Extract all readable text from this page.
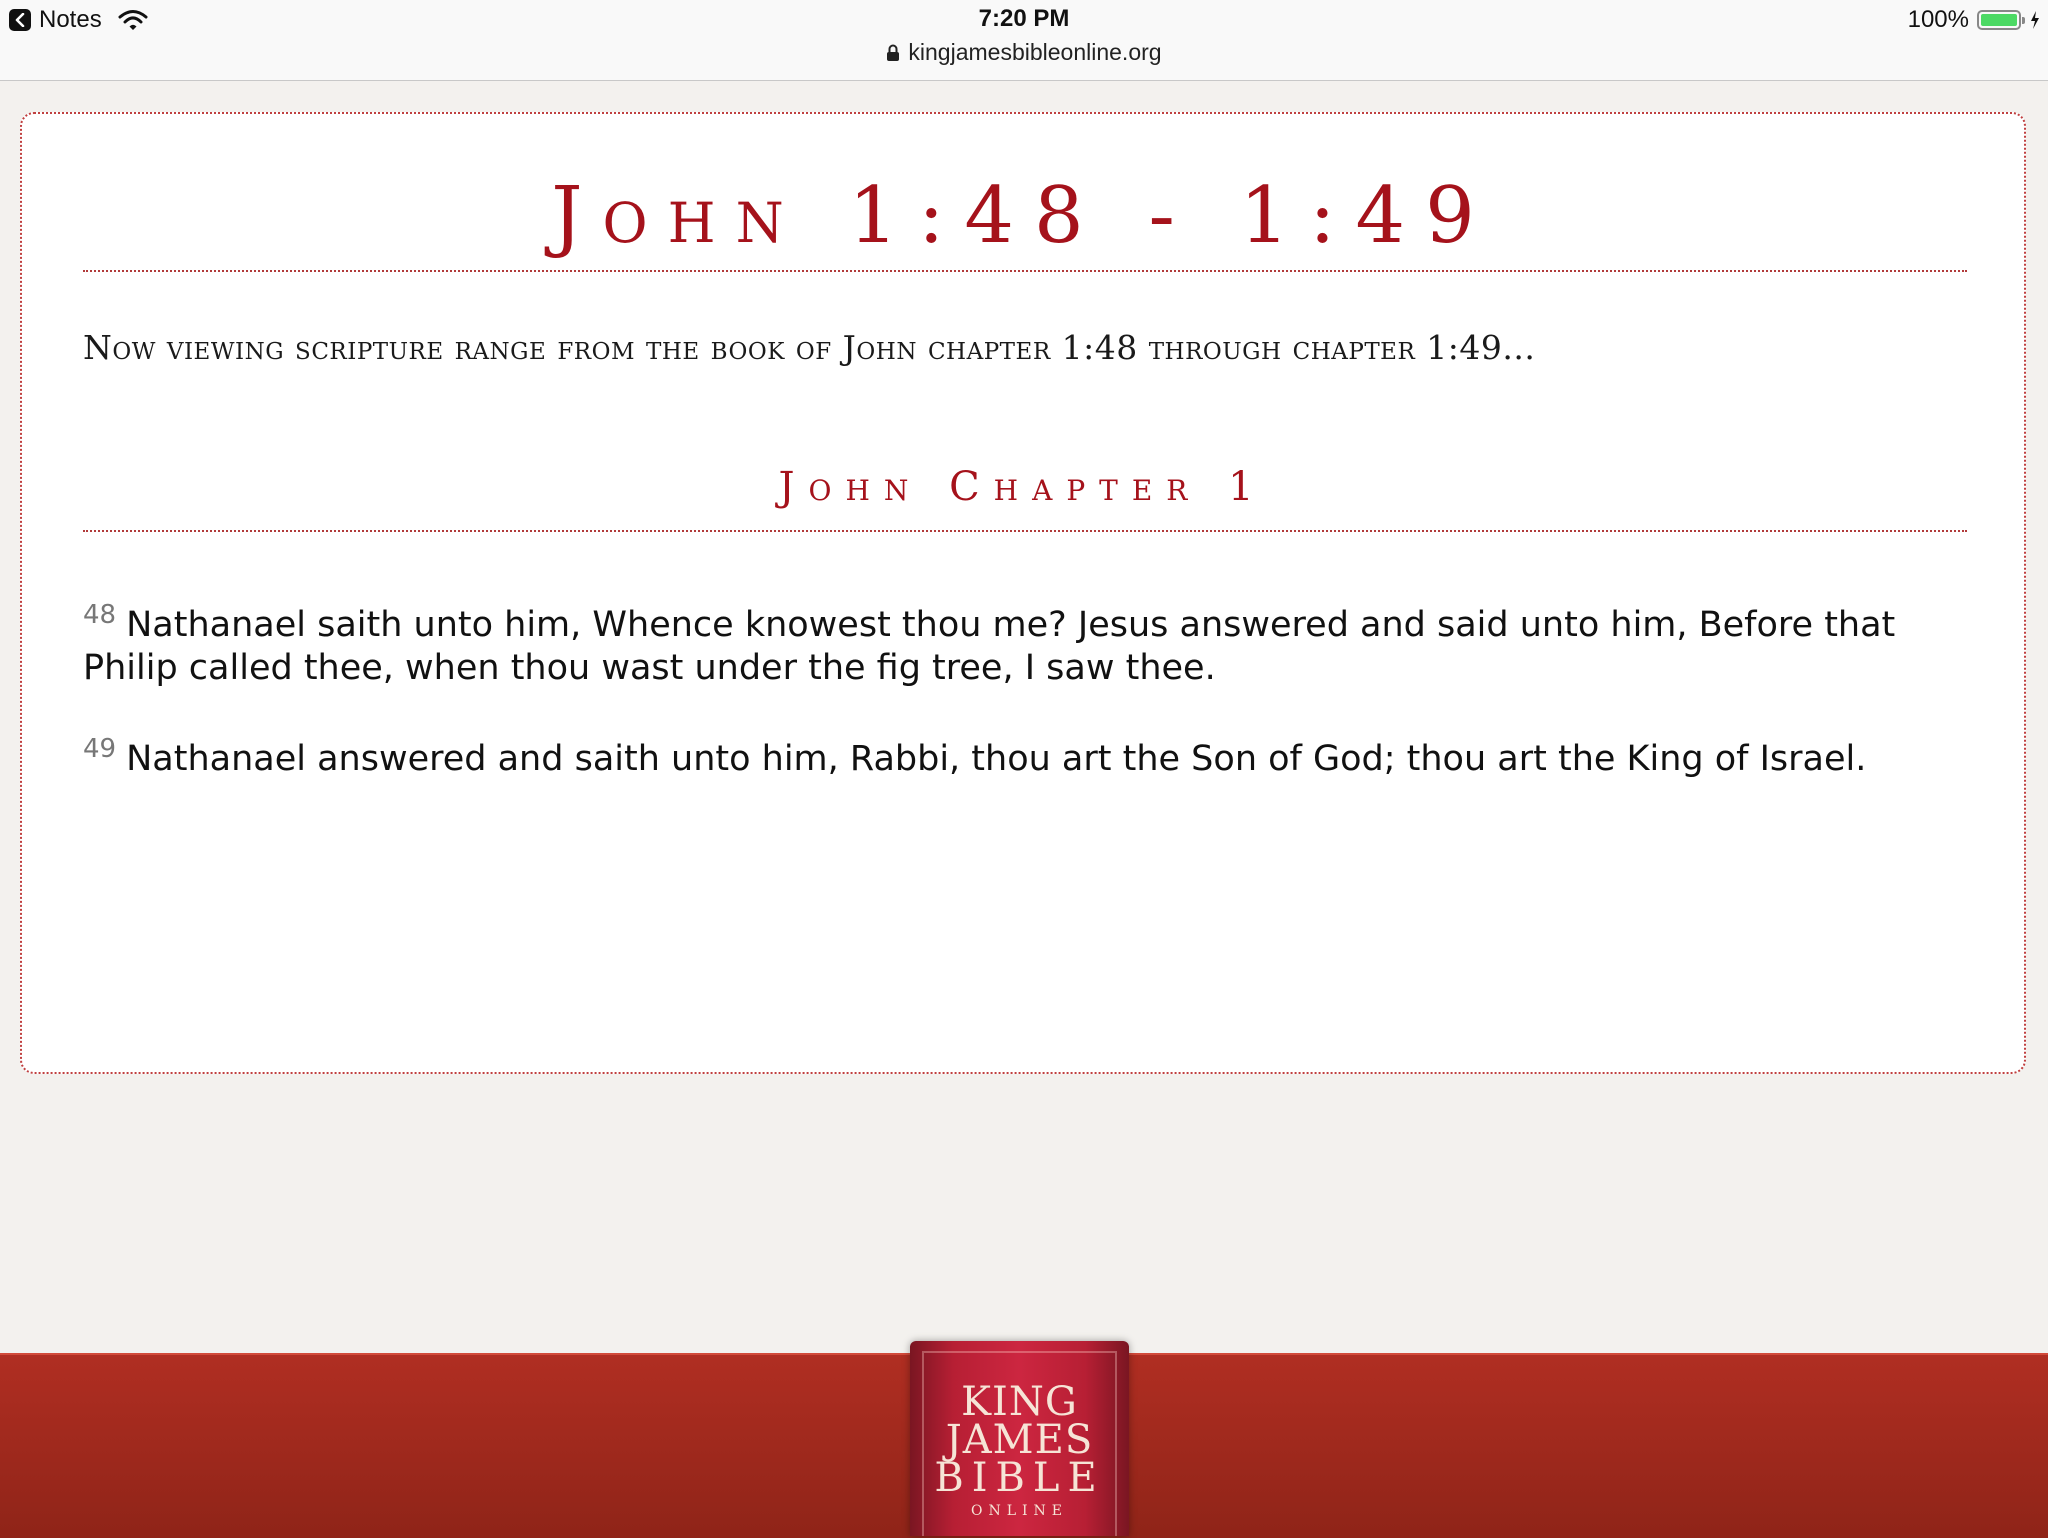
Notes	7:20 PM
kingjamesbibleonline.org
100%
John 1:48 - 1:49
Now viewing scripture range from the book of John chapter 1:48 through chapter 1:49...
John Chapter 1
$^{48}$ Nathanael saith unto him, Whence knowest thou me? Jesus answered and said unto him, Before that Philip called thee, when thou wast under the fig tree, I saw thee.
$^{49}$ Nathanael answered and saith unto him, Rabbi, thou art the Son of God; thou art the King of Israel.
KING
JAMES
BIBLE
ONLINE
